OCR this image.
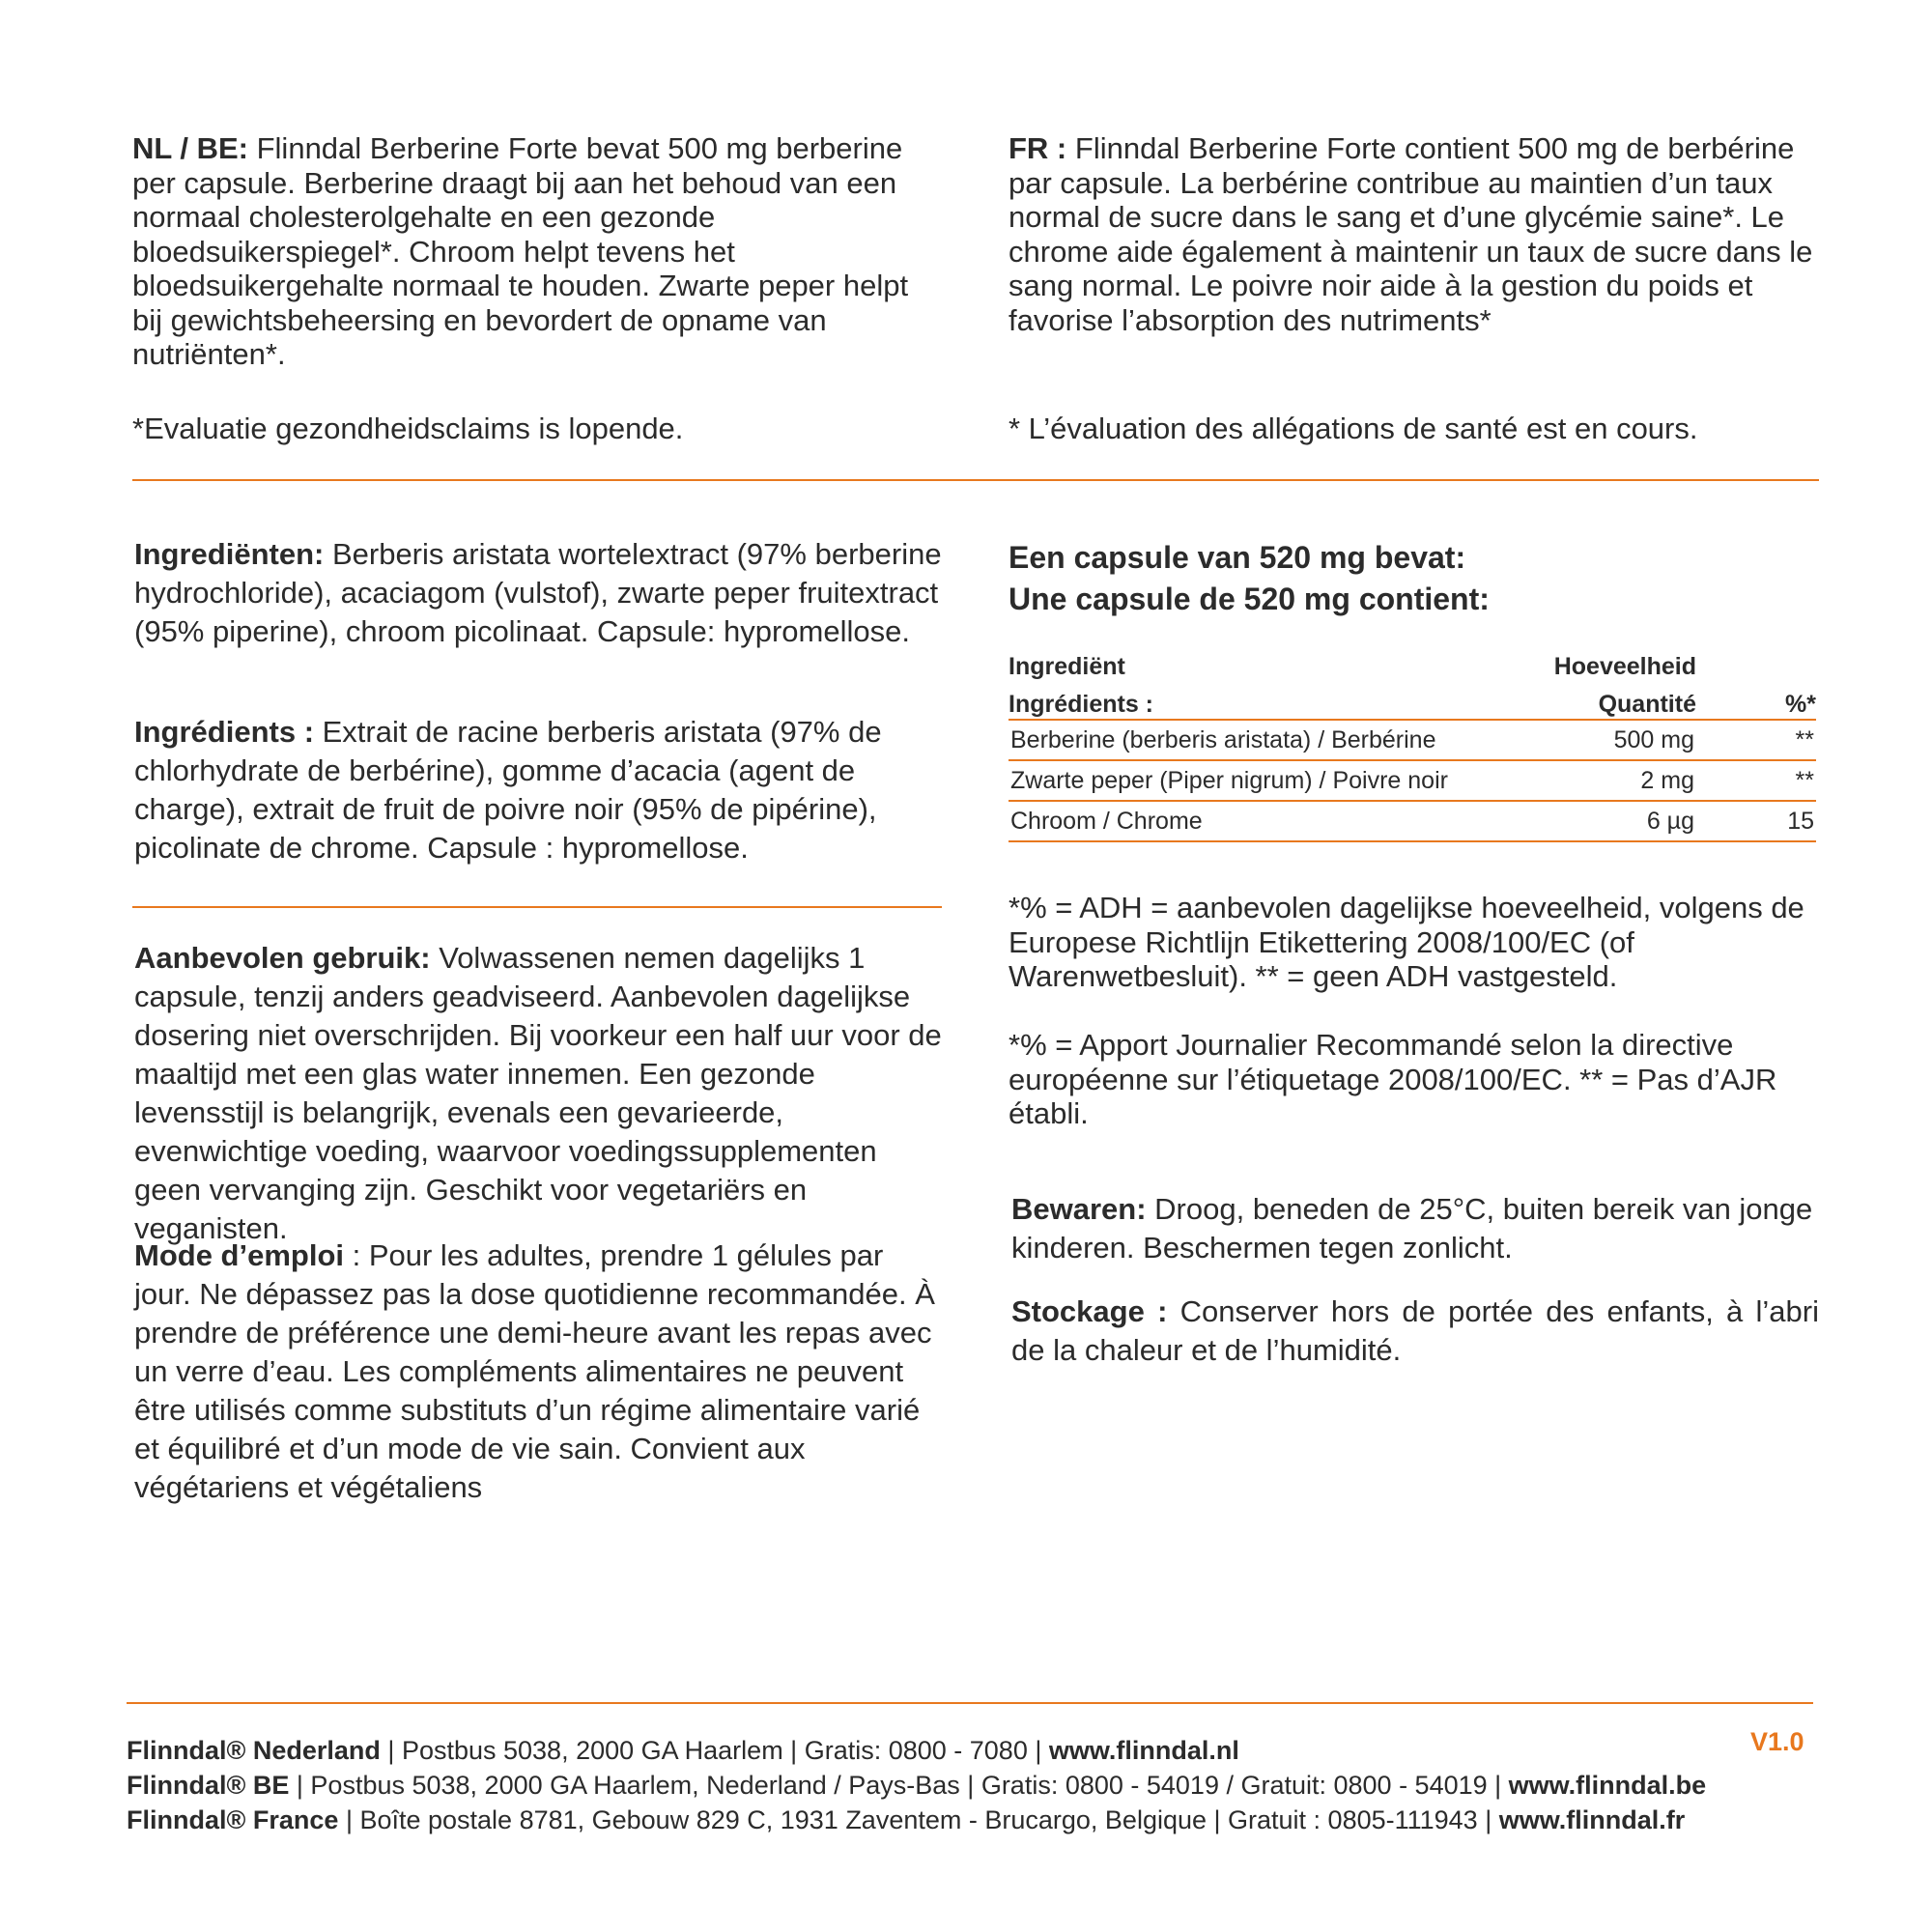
NL / BE: Flinndal Berberine Forte bevat 500 mg berberine per capsule. Berberine draagt bij aan het behoud van een normaal cholesterolgehalte en een gezonde bloedsuikerspiegel*. Chroom helpt tevens het bloedsuikergehalte normaal te houden. Zwarte peper helpt bij gewichtsbeheersing en bevordert de opname van nutriënten*.

FR : Flinndal Berberine Forte contient 500 mg de berbérine par capsule. La berbérine contribue au maintien d’un taux normal de sucre dans le sang et d’une glycémie saine*. Le chrome aide également à maintenir un taux de sucre dans le sang normal. Le poivre noir aide à la gestion du poids et favorise l’absorption des nutriments*

*Evaluatie gezondheidsclaims is lopende.	* L’évaluation des allégations de santé est en cours.

Ingrediënten: Berberis aristata wortelextract (97% berberine hydrochloride), acaciagom (vulstof), zwarte peper fruitextract (95% piperine), chroom picolinaat. Capsule: hypromellose.

Ingrédients : Extrait de racine berberis aristata (97% de chlorhydrate de berbérine), gomme d’acacia (agent de charge), extrait de fruit de poivre noir (95% de pipérine), picolinate de chrome. Capsule : hypromellose.

Aanbevolen gebruik: Volwassenen nemen dagelijks 1 capsule, tenzij anders geadviseerd. Aanbevolen dagelijkse dosering niet overschrijden. Bij voorkeur een half uur voor de maaltijd met een glas water innemen. Een gezonde levensstijl is belangrijk, evenals een gevarieerde, evenwichtige voeding, waarvoor voedingssupplementen geen vervanging zijn. Geschikt voor vegetariërs en veganisten.

Mode d’emploi : Pour les adultes, prendre 1 gélules par jour. Ne dépassez pas la dose quotidienne recommandée. À prendre de préférence une demi-heure avant les repas avec un verre d’eau. Les compléments alimentaires ne peuvent être utilisés comme substituts d’un régime alimentaire varié et équilibré et d’un mode de vie sain. Convient aux végétariens et végétaliens

Een capsule van 520 mg bevat:
Une capsule de 520 mg contient:
Ingrediënt	Hoeveelheid	
Ingrédients :	Quantité	%*
Berberine (berberis aristata) / Berbérine	500 mg	**
Zwarte peper (Piper nigrum) / Poivre noir	2 mg	**
Chroom / Chrome	6 µg	15

*% = ADH = aanbevolen dagelijkse hoeveelheid, volgens de Europese Richtlijn Etikettering 2008/100/EC (of Warenwetbesluit). ** = geen ADH vastgesteld.

*% = Apport Journalier Recommandé selon la directive européenne sur l’étiquetage 2008/100/EC. ** = Pas d’AJR établi.

Bewaren: Droog, beneden de 25°C, buiten bereik van jonge kinderen. Beschermen tegen zonlicht.

Stockage : Conserver hors de portée des enfants, à l’abri de la chaleur et de l’humidité.

Flinndal® Nederland | Postbus 5038, 2000 GA Haarlem | Gratis: 0800 - 7080 | www.flinndal.nl
Flinndal® BE | Postbus 5038, 2000 GA Haarlem, Nederland / Pays-Bas | Gratis: 0800 - 54019 / Gratuit: 0800 - 54019 | www.flinndal.be
Flinndal® France | Boîte postale 8781, Gebouw 829 C, 1931 Zaventem - Brucargo, Belgique | Gratuit : 0805-111943 | www.flinndal.fr
V1.0
